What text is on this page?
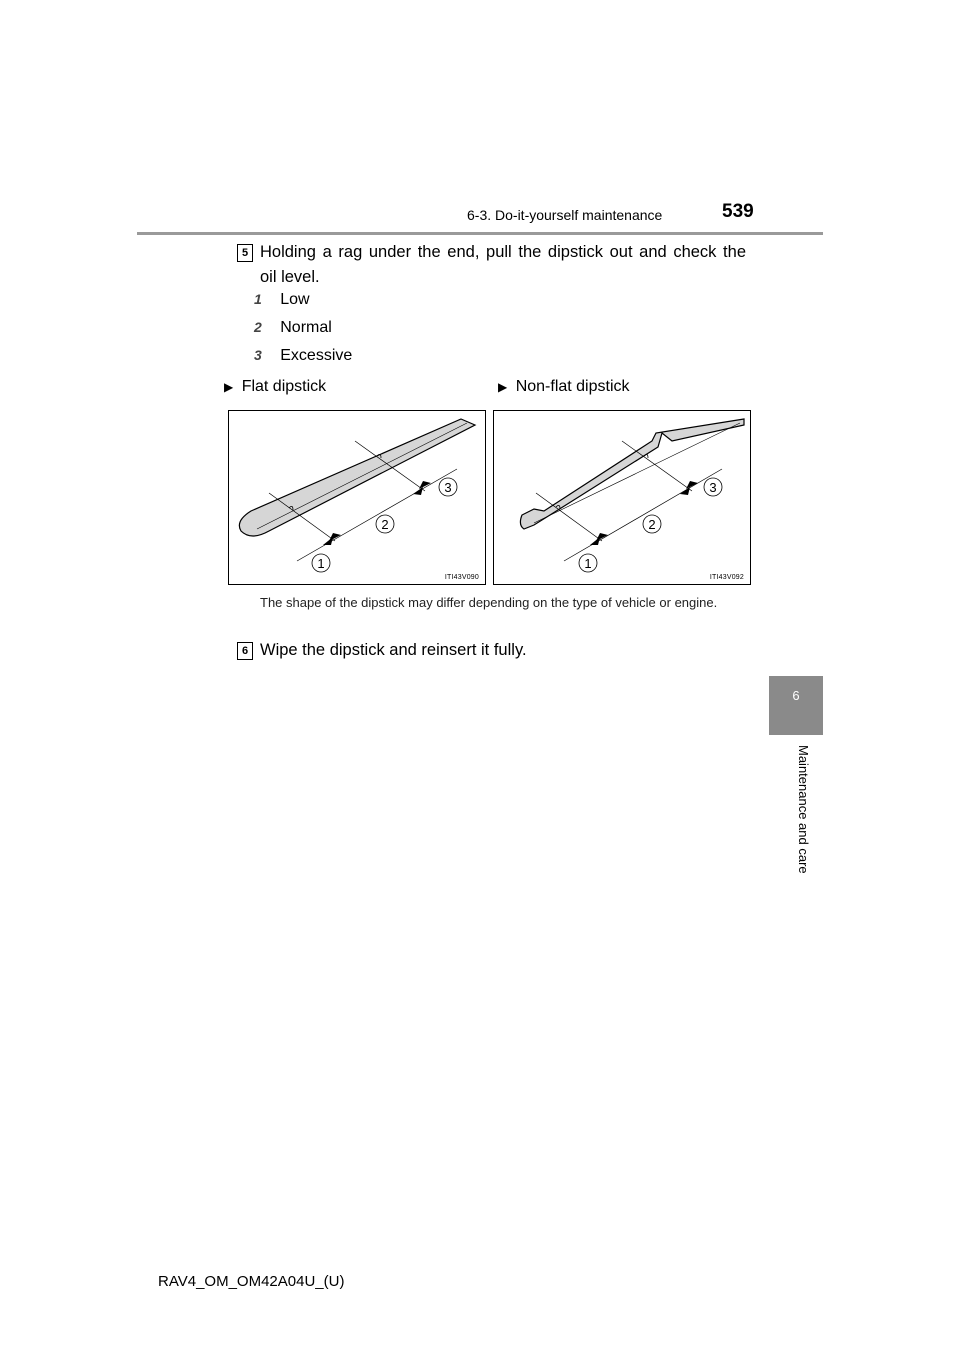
6-3. Do-it-yourself maintenance	539
6
Maintenance and care
5 Holding a rag under the end, pull the dipstick out and check the
oil level.
1 Low
2 Normal
3 Excessive
▶ Flat dipstick	▶ Non-flat dipstick
1
2
3
ITI43V090
1
2
3
ITI43V092
The shape of the dipstick may differ depending on the type of vehicle or engine.
6 Wipe the dipstick and reinsert it fully.
RAV4_OM_OM42A04U_(U)
